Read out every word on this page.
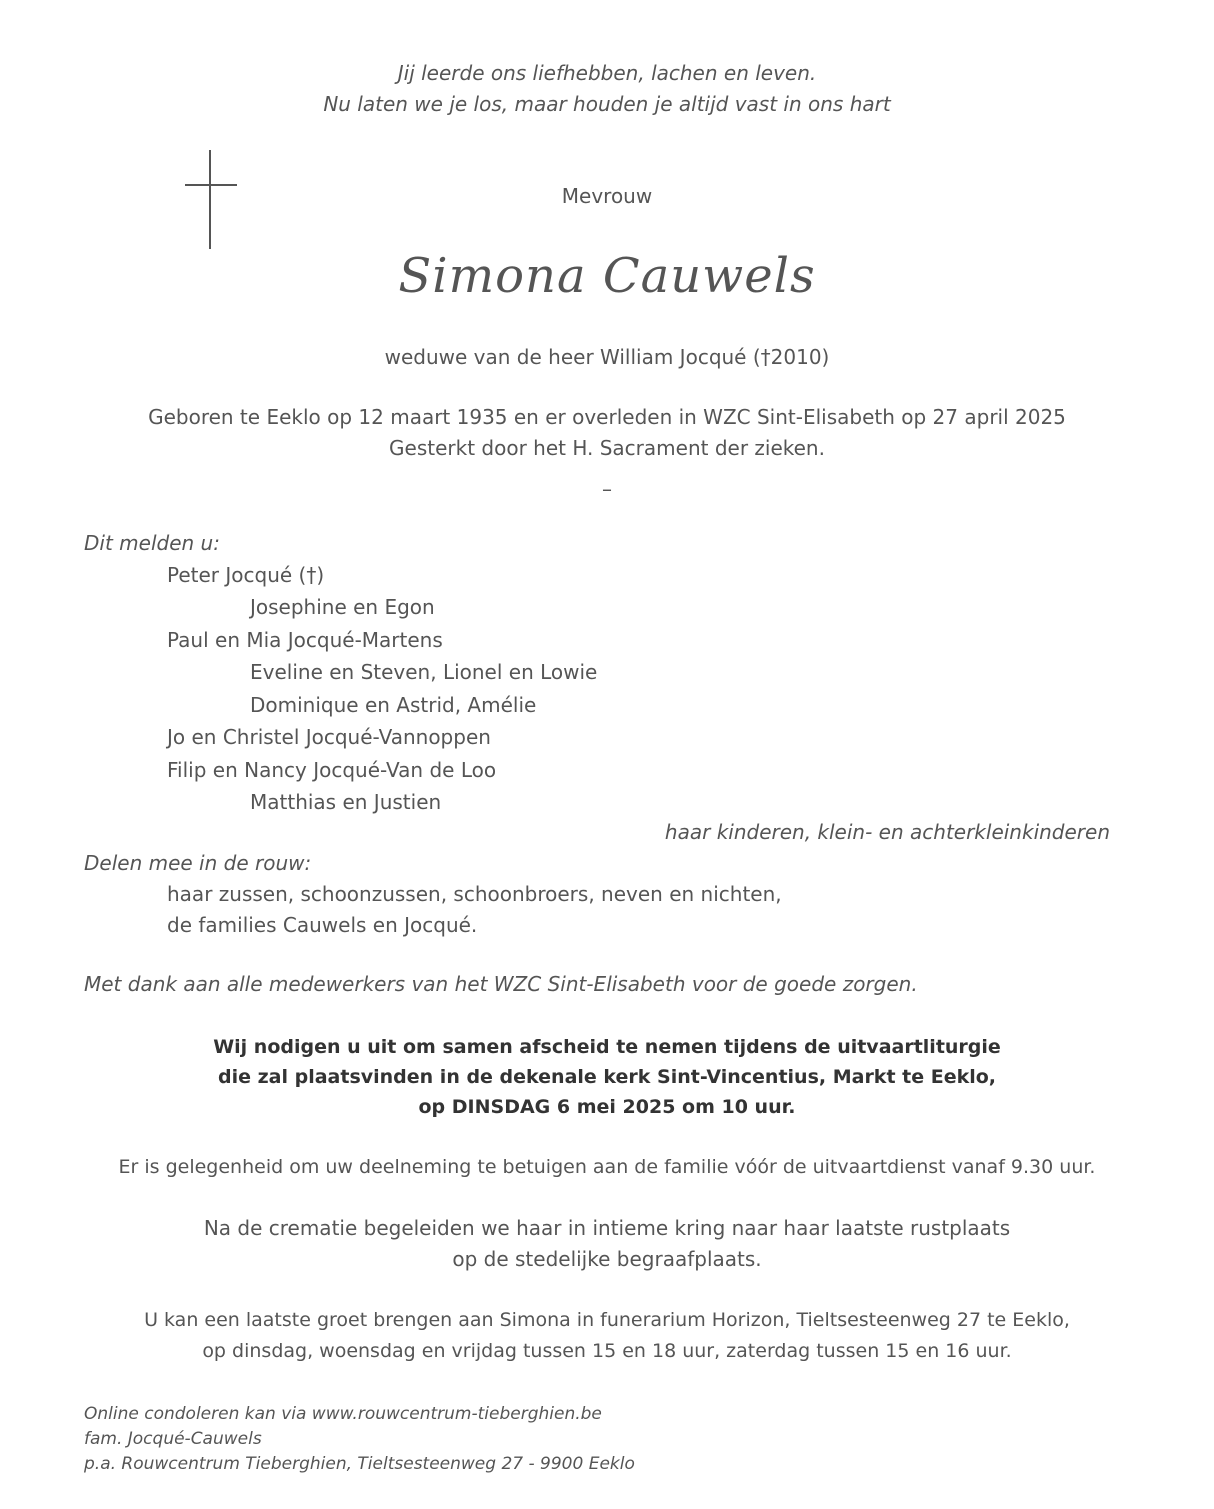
Jij leerde ons liefhebben, lachen en leven.
Nu laten we je los, maar houden je altijd vast in ons hart
Mevrouw
Simona Cauwels
weduwe van de heer William Jocqué (†2010)
Geboren te Eeklo op 12 maart 1935 en er overleden in WZC Sint-Elisabeth op 27 april 2025
Gesterkt door het H. Sacrament der zieken.
–
Dit melden u:
Peter Jocqué (†)
Josephine en Egon
Paul en Mia Jocqué-Martens
Eveline en Steven, Lionel en Lowie
Dominique en Astrid, Amélie
Jo en Christel Jocqué-Vannoppen
Filip en Nancy Jocqué-Van de Loo
Matthias en Justien
haar kinderen, klein- en achterkleinkinderen
Delen mee in de rouw:
haar zussen, schoonzussen, schoonbroers, neven en nichten,
de families Cauwels en Jocqué.
Met dank aan alle medewerkers van het WZC Sint-Elisabeth voor de goede zorgen.
Wij nodigen u uit om samen afscheid te nemen tijdens de uitvaartliturgie
die zal plaatsvinden in de dekenale kerk Sint-Vincentius, Markt te Eeklo,
op DINSDAG 6 mei 2025 om 10 uur.
Er is gelegenheid om uw deelneming te betuigen aan de familie vóór de uitvaartdienst vanaf 9.30 uur.
Na de crematie begeleiden we haar in intieme kring naar haar laatste rustplaats
op de stedelijke begraafplaats.
U kan een laatste groet brengen aan Simona in funerarium Horizon, Tieltsesteenweg 27 te Eeklo,
op dinsdag, woensdag en vrijdag tussen 15 en 18 uur, zaterdag tussen 15 en 16 uur.
Online condoleren kan via www.rouwcentrum-tieberghien.be
fam. Jocqué-Cauwels
p.a. Rouwcentrum Tieberghien, Tieltsesteenweg 27 - 9900 Eeklo
